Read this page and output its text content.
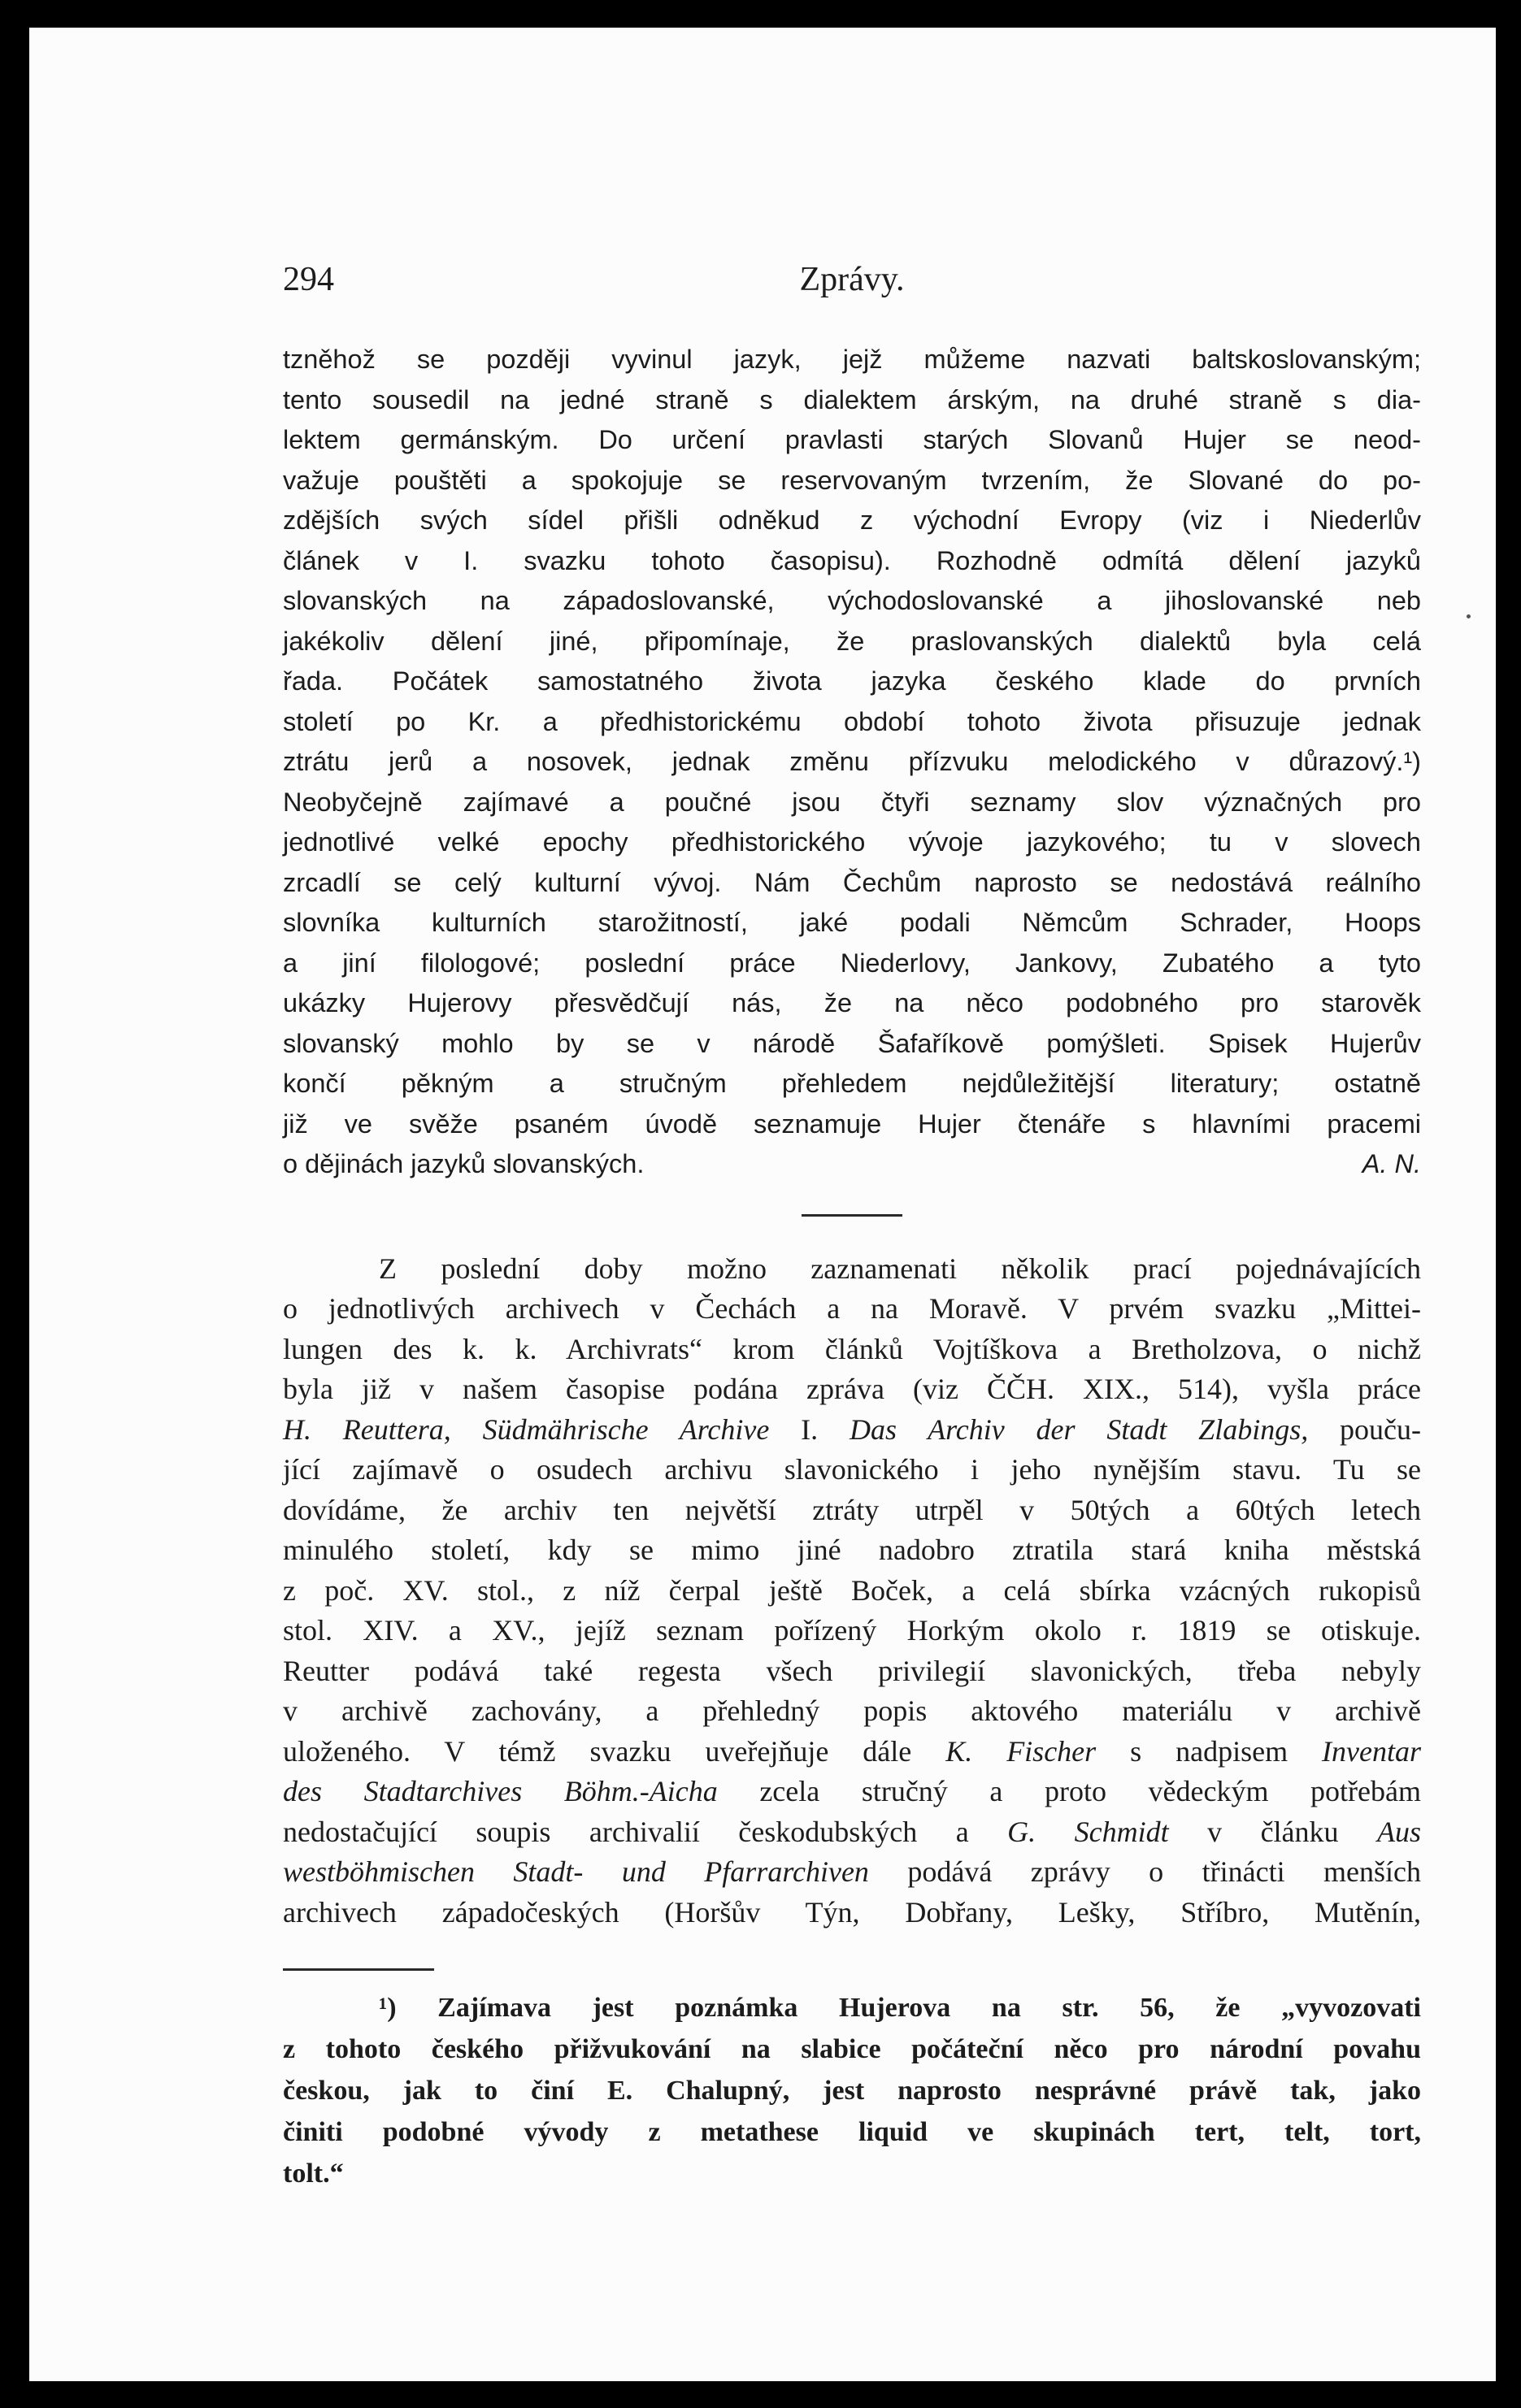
294	Zprávy.
tzněhož se později vyvinul jazyk, jejž můžeme nazvati baltskoslovanským;
tento sousedil na jedné straně s dialektem árským, na druhé straně s dia-
lektem germánským. Do určení pravlasti starých Slovanů Hujer se neod-
važuje pouštěti a spokojuje se reservovaným tvrzením, že Slované do po-
zdějších svých sídel přišli odněkud z východní Evropy (viz i Niederlův
článek v I. svazku tohoto časopisu). Rozhodně odmítá dělení jazyků
slovanských na západoslovanské, východoslovanské a jihoslovanské neb
jakékoliv dělení jiné, připomínaje, že praslovanských dialektů byla celá
řada. Počátek samostatného života jazyka českého klade do prvních
století po Kr. a předhistorickému období tohoto života přisuzuje jednak
ztrátu jerů a nosovek, jednak změnu přízvuku melodického v důrazový.¹)
Neobyčejně zajímavé a poučné jsou čtyři seznamy slov význačných pro
jednotlivé velké epochy předhistorického vývoje jazykového; tu v slovech
zrcadlí se celý kulturní vývoj. Nám Čechům naprosto se nedostává reálního
slovníka kulturních starožitností, jaké podali Němcům Schrader, Hoops
a jiní filologové; poslední práce Niederlovy, Jankovy, Zubatého a tyto
ukázky Hujerovy přesvědčují nás, že na něco podobného pro starověk
slovanský mohlo by se v národě Šafaříkově pomýšleti. Spisek Hujerův
končí pěkným a stručným přehledem nejdůležitější literatury; ostatně
již ve svěže psaném úvodě seznamuje Hujer čtenáře s hlavními pracemi
o dějinách jazyků slovanských.	A. N.
Z poslední doby možno zaznamenati několik prací pojednávajících
o jednotlivých archivech v Čechách a na Moravě. V prvém svazku „Mittei-
lungen des k. k. Archivrats“ krom článků Vojtíškova a Bretholzova, o nichž
byla již v našem časopise podána zpráva (viz ČČH. XIX., 514), vyšla práce
H. Reuttera, Südmährische Archive I. Das Archiv der Stadt Zlabings, pouču-
jící zajímavě o osudech archivu slavonického i jeho nynějším stavu. Tu se
dovídáme, že archiv ten největší ztráty utrpěl v 50tých a 60tých letech
minulého století, kdy se mimo jiné nadobro ztratila stará kniha městská
z poč. XV. stol., z níž čerpal ještě Boček, a celá sbírka vzácných rukopisů
stol. XIV. a XV., jejíž seznam pořízený Horkým okolo r. 1819 se otiskuje.
Reutter podává také regesta všech privilegií slavonických, třeba nebyly
v archivě zachovány, a přehledný popis aktového materiálu v archivě
uloženého. V témž svazku uveřejňuje dále K. Fischer s nadpisem Inventar
des Stadtarchives Böhm.-Aicha zcela stručný a proto vědeckým potřebám
nedostačující soupis archivalií českodubských a G. Schmidt v článku Aus
westböhmischen Stadt- und Pfarrarchiven podává zprávy o třinácti menších
archivech západočeských (Horšův Týn, Dobřany, Lešky, Stříbro, Mutěnín,
¹) Zajímava jest poznámka Hujerova na str. 56, že „vyvozovati
z tohoto českého přižvukování na slabice počáteční něco pro národní povahu
českou, jak to činí E. Chalupný, jest naprosto nesprávné právě tak, jako
činiti podobné vývody z metathese liquid ve skupinách tert, telt, tort,
tolt.“
